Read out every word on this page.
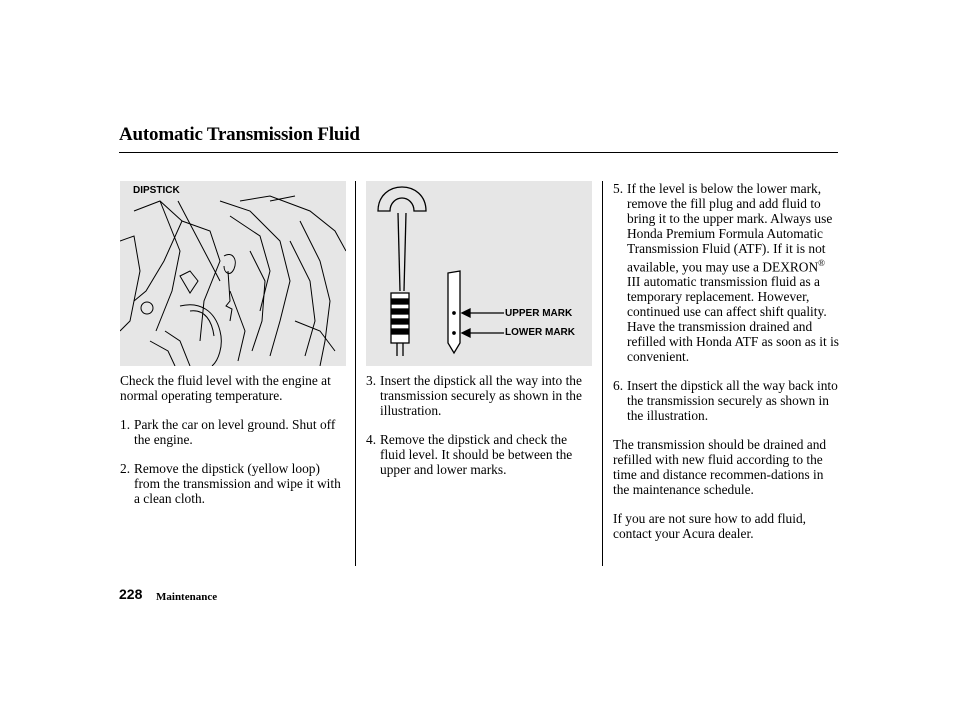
Automatic Transmission Fluid
DIPSTICK
UPPER MARK
LOWER MARK

Check the fluid level with the engine at normal operating temperature.

1. Park the car on level ground. Shut off the engine.
2. Remove the dipstick (yellow loop) from the transmission and wipe it with a clean cloth.
3. Insert the dipstick all the way into the transmission securely as shown in the illustration.
4. Remove the dipstick and check the fluid level. It should be between the upper and lower marks.
5. If the level is below the lower mark, remove the fill plug and add fluid to bring it to the upper mark. Always use Honda Premium Formula Automatic Transmission Fluid (ATF). If it is not available, you may use a DEXRON® III automatic transmission fluid as a temporary replacement. However, continued use can affect shift quality. Have the transmission drained and refilled with Honda ATF as soon as it is convenient.
6. Insert the dipstick all the way back into the transmission securely as shown in the illustration.

The transmission should be drained and refilled with new fluid according to the time and distance recommen-dations in the maintenance schedule.

If you are not sure how to add fluid, contact your Acura dealer.

228 Maintenance
